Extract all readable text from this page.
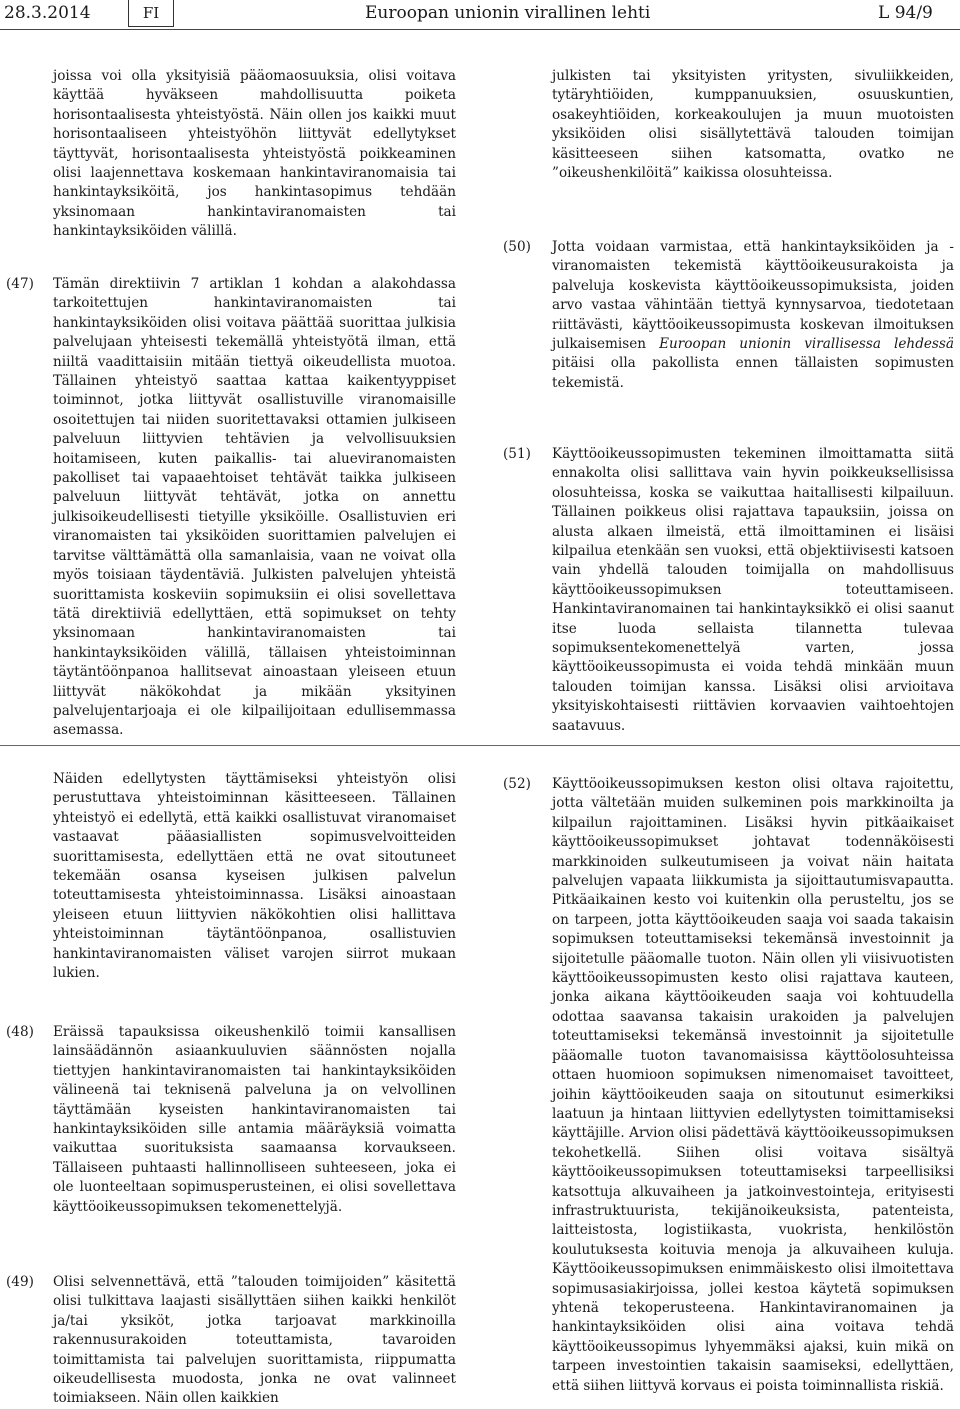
28.3.2014	FI	Euroopan unionin virallinen lehti	L 94/9
joissa voi olla yksityisiä pääomaosuuksia, olisi voitava käyttää hyväkseen mahdollisuutta poiketa horisontaalisesta yhteistyöstä. Näin ollen jos kaikki muut horisontaaliseen yhteistyöhön liittyvät edellytykset täyttyvät, horisontaalisesta yhteistyöstä poikkeaminen olisi laajennettava koskemaan hankintaviranomaisia tai hankintayksiköitä, jos hankintasopimus tehdään yksinomaan hankintaviranomaisten tai hankintayksiköiden välillä.
(47) Tämän direktiivin 7 artiklan 1 kohdan a alakohdassa tarkoitettujen hankintaviranomaisten tai hankintayksiköiden olisi voitava päättää suorittaa julkisia palvelujaan yhteisesti tekemällä yhteistyötä ilman, että niiltä vaadittaisiin mitään tiettyä oikeudellista muotoa. Tällainen yhteistyö saattaa kattaa kaikentyyppiset toiminnot, jotka liittyvät osallistuville viranomaisille osoitettujen tai niiden suoritettavaksi ottamien julkiseen palveluun liittyvien tehtävien ja velvollisuuksien hoitamiseen, kuten paikallis- tai alueviranomaisten pakolliset tai vapaaehtoiset tehtävät taikka julkiseen palveluun liittyvät tehtävät, jotka on annettu julkisoikeudellisesti tietyille yksiköille. Osallistuvien eri viranomaisten tai yksiköiden suorittamien palvelujen ei tarvitse välttämättä olla samanlaisia, vaan ne voivat olla myös toisiaan täydentäviä. Julkisten palvelujen yhteistä suorittamista koskeviin sopimuksiin ei olisi sovellettava tätä direktiiviä edellyttäen, että sopimukset on tehty yksinomaan hankintaviranomaisten tai hankintayksiköiden välillä, tällaisen yhteistoiminnan täytäntöönpanoa hallitsevat ainoastaan yleiseen etuun liittyvät näkökohdat ja mikään yksityinen palvelujentarjoaja ei ole kilpailijoitaan edullisemmassa asemassa.
julkisten tai yksityisten yritysten, sivuliikkeiden, tytäryhtiöiden, kumppanuuksien, osuuskuntien, osakeyhtiöiden, korkeakoulujen ja muun muotoisten yksiköiden olisi sisällytettävä talouden toimijan käsitteeseen siihen katsomatta, ovatko ne ”oikeushenkilöitä” kaikissa olosuhteissa.
(50) Jotta voidaan varmistaa, että hankintayksiköiden ja -viranomaisten tekemistä käyttöoikeusurakoista ja palveluja koskevista käyttöoikeussopimuksista, joiden arvo vastaa vähintään tiettyä kynnysarvoa, tiedotetaan riittävästi, käyttöoikeussopimusta koskevan ilmoituksen julkaisemisen Euroopan unionin virallisessa lehdessä pitäisi olla pakollista ennen tällaisten sopimusten tekemistä.
(51) Käyttöoikeussopimusten tekeminen ilmoittamatta siitä ennakolta olisi sallittava vain hyvin poikkeuksellisissa olosuhteissa, koska se vaikuttaa haitallisesti kilpailuun. Tällainen poikkeus olisi rajattava tapauksiin, joissa on alusta alkaen ilmeistä, että ilmoittaminen ei lisäisi kilpailua etenkään sen vuoksi, että objektiivisesti katsoen vain yhdellä talouden toimijalla on mahdollisuus käyttöoikeussopimuksen toteuttamiseen. Hankintaviranomainen tai hankintayksikkö ei olisi saanut itse luoda sellaista tilannetta tulevaa sopimuksentekomenettelyä varten, jossa käyttöoikeussopimusta ei voida tehdä minkään muun talouden toimijan kanssa. Lisäksi olisi arvioitava yksityiskohtaisesti riittävien korvaavien vaihtoehtojen saatavuus.
Näiden edellytysten täyttämiseksi yhteistyön olisi perustuttava yhteistoiminnan käsitteeseen. Tällainen yhteistyö ei edellytä, että kaikki osallistuvat viranomaiset vastaavat pääasiallisten sopimusvelvoitteiden suorittamisesta, edellyttäen että ne ovat sitoutuneet tekemään osansa kyseisen julkisen palvelun toteuttamisesta yhteistoiminnassa. Lisäksi ainoastaan yleiseen etuun liittyvien näkökohtien olisi hallittava yhteistoiminnan täytäntöönpanoa, osallistuvien hankintaviranomaisten väliset varojen siirrot mukaan lukien.
(48) Eräissä tapauksissa oikeushenkilö toimii kansallisen lainsäädännön asiaankuuluvien säännösten nojalla tiettyjen hankintaviranomaisten tai hankintayksiköiden välineenä tai teknisenä palveluna ja on velvollinen täyttämään kyseisten hankintaviranomaisten tai hankintayksiköiden sille antamia määräyksiä voimatta vaikuttaa suorituksista saamaansa korvaukseen. Tällaiseen puhtaasti hallinnolliseen suhteeseen, joka ei ole luonteeltaan sopimusperusteinen, ei olisi sovellettava käyttöoikeussopimuksen tekomenettelyjä.
(49) Olisi selvennettävä, että ”talouden toimijoiden” käsitettä olisi tulkittava laajasti sisällyttäen siihen kaikki henkilöt ja/tai yksiköt, jotka tarjoavat markkinoilla rakennusurakoiden toteuttamista, tavaroiden toimittamista tai palvelujen suorittamista, riippumatta oikeudellisesta muodosta, jonka ne ovat valinneet toimiakseen. Näin ollen kaikkien
(52) Käyttöoikeussopimuksen keston olisi oltava rajoitettu, jotta vältetään muiden sulkeminen pois markkinoilta ja kilpailun rajoittaminen. Lisäksi hyvin pitkäaikaiset käyttöoikeussopimukset johtavat todennäköisesti markkinoiden sulkeutumiseen ja voivat näin haitata palvelujen vapaata liikkumista ja sijoittautumisvapautta. Pitkäaikainen kesto voi kuitenkin olla perusteltu, jos se on tarpeen, jotta käyttöoikeuden saaja voi saada takaisin sopimuksen toteuttamiseksi tekemänsä investoinnit ja sijoitetulle pääomalle tuoton. Näin ollen yli viisivuotisten käyttöoikeussopimusten kesto olisi rajattava kauteen, jonka aikana käyttöoikeuden saaja voi kohtuudella odottaa saavansa takaisin urakoiden ja palvelujen toteuttamiseksi tekemänsä investoinnit ja sijoitetulle pääomalle tuoton tavanomaisissa käyttöolosuhteissa ottaen huomioon sopimuksen nimenomaiset tavoitteet, joihin käyttöoikeuden saaja on sitoutunut esimerkiksi laatuun ja hintaan liittyvien edellytysten toimittamiseksi käyttäjille. Arvion olisi pädettävä käyttöoikeussopimuksen tekohetkellä. Siihen olisi voitava sisältyä käyttöoikeussopimuksen toteuttamiseksi tarpeellisiksi katsottuja alkuvaiheen ja jatkoinvestointeja, erityisesti infrastruktuurista, tekijänoikeuksista, patenteista, laitteistosta, logistiikasta, vuokrista, henkilöstön koulutuksesta koituvia menoja ja alkuvaiheen kuluja. Käyttöoikeussopimuksen enimmäiskesto olisi ilmoitettava sopimusasiakirjoissa, jollei kestoa käytetä sopimuksen yhtenä tekoperusteena. Hankintaviranomainen ja hankintayksiköiden olisi aina voitava tehdä käyttöoikeussopimus lyhyemmäksi ajaksi, kuin mikä on tarpeen investointien takaisin saamiseksi, edellyttäen, että siihen liittyvä korvaus ei poista toiminnallista riskiä.
